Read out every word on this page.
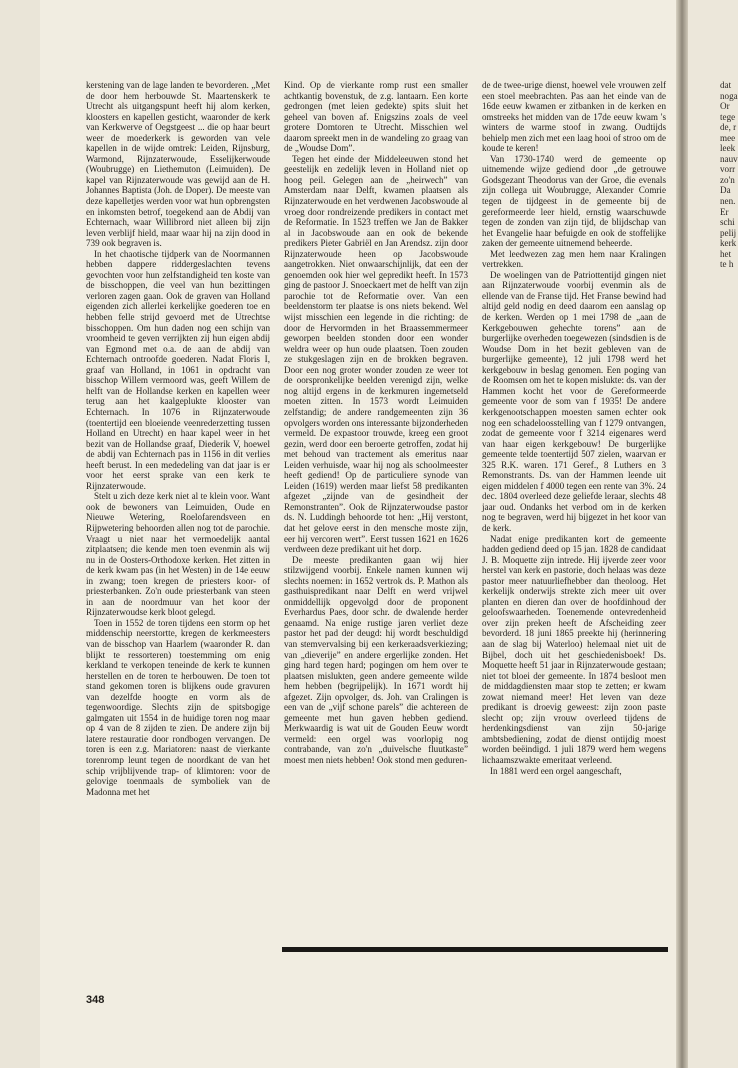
kerstening van de lage landen te bevorderen. „Met de door hem herbouwde St. Maartenskerk te Utrecht als uitgangspunt heeft hij alom kerken, kloosters en kapellen gesticht, waaronder de kerk van Kerkwerve of Oegstgeest ... die op haar beurt weer de moederkerk is geworden van vele kapellen in de wijde omtrek: Leiden, Rijnsburg, Warmond, Rijnzaterwoude, Esselijkerwoude (Woubrugge) en Liethemuton (Leimuiden). De kapel van Rijnzaterwoude was gewijd aan de H. Johannes Baptista (Joh. de Doper). De meeste van deze kapelletjes werden voor wat hun opbrengsten en inkomsten betrof, toegekend aan de Abdij van Echternach, waar Willibrord niet alleen bij zijn leven verblijf hield, maar waar hij na zijn dood in 739 ook begraven is.

In het chaotische tijdperk van de Noormannen hebben dappere riddergeslachten tevens gevochten voor hun zelfstandigheid ten koste van de bisschoppen, die veel van hun bezittingen verloren zagen gaan. Ook de graven van Holland eigenden zich allerlei kerkelijke goederen toe en hebben felle strijd gevoerd met de Utrechtse bisschoppen. Om hun daden nog een schijn van vroomheid te geven verrijkten zij hun eigen abdij van Egmond met o.a. de aan de abdij van Echternach ontroofde goederen. Nadat Floris I, graaf van Holland, in 1061 in opdracht van bisschop Willem vermoord was, geeft Willem de helft van de Hollandse kerken en kapellen weer terug aan het kaalgeplukte klooster van Echternach. In 1076 in Rijnzaterwoude (toentertijd een bloeiende veenrederzetting tussen Holland en Utrecht) en haar kapel weer in het bezit van de Hollandse graaf, Diederik V, hoewel de abdij van Echternach pas in 1156 in dit verlies heeft berust. In een mededeling van dat jaar is er voor het eerst sprake van een kerk te Rijnzaterwoude.

Stelt u zich deze kerk niet al te klein voor. Want ook de bewoners van Leimuiden, Oude en Nieuwe Wetering, Roelofarendsveen en Rijpwetering behoorden allen nog tot de parochie. Vraagt u niet naar het vermoedelijk aantal zitplaatsen; die kende men toen evenmin als wij nu in de Oosters-Orthodoxe kerken. Het zitten in de kerk kwam pas (in het Westen) in de 14e eeuw in zwang; toen kregen de priesters koor- of priesterbanken. Zo'n oude priesterbank van steen in aan de noordmuur van het koor der Rijnzaterwoudse kerk bloot gelegd.

Toen in 1552 de toren tijdens een storm op het middenschip neerstortte, kregen de kerkmeesters van de bisschop van Haarlem (waaronder R. dan blijkt te ressorteren) toestemming om enig kerkland te verkopen teneinde de kerk te kunnen herstellen en de toren te herbouwen. De toen tot stand gekomen toren is blijkens oude gravuren van dezelfde hoogte en vorm als de tegenwoordige. Slechts zijn de spitsbogige galmgaten uit 1554 in de huidige toren nog maar op 4 van de 8 zijden te zien. De andere zijn bij latere restauratie door rondbogen vervangen. De toren is een z.g. Mariatoren: naast de vierkante torenromp leunt tegen de noordkant de van het schip vrijblijvende trap- of klimtoren: voor de gelovige toenmaals de symboliek van de Madonna met het

Kind. Op de vierkante romp rust een smaller achtkantig bovenstuk, de z.g. lantaarn. Een korte gedrongen (met leien gedekte) spits sluit het geheel van boven af. Enigszins zoals de veel grotere Domtoren te Utrecht. Misschien wel daarom spreekt men in de wandeling zo graag van de „Woudse Dom”.

Tegen het einde der Middeleeuwen stond het geestelijk en zedelijk leven in Holland niet op hoog peil. Gelegen aan de „heirwech” van Amsterdam naar Delft, kwamen plaatsen als Rijnzaterwoude en het verdwenen Jacobswoude al vroeg door rondreizende predikers in contact met de Reformatie. In 1523 treffen we Jan de Bakker al in Jacobswoude aan en ook de bekende predikers Pieter Gabriël en Jan Arendsz. zijn door Rijnzaterwoude heen op Jacobswoude aangetrokken. Niet onwaarschijnlijk, dat een der genoemden ook hier wel gepredikt heeft. In 1573 ging de pastoor J. Snoeckaert met de helft van zijn parochie tot de Reformatie over. Van een beeldenstorm ter plaatse is ons niets bekend. Wel wijst misschien een legende in die richting: de door de Hervormden in het Braassemmermeer geworpen beelden stonden door een wonder weldra weer op hun oude plaatsen. Toen zouden ze stukgeslagen zijn en de brokken begraven. Door een nog groter wonder zouden ze weer tot de oorspronkelijke beelden verenigd zijn, welke nog altijd ergens in de kerkmuren ingemetseld moeten zitten. In 1573 wordt Leimuiden zelfstandig; de andere randgemeenten zijn 36 opvolgers worden ons interessante bijzonderheden vermeld. De expastoor trouwde, kreeg een groot gezin, werd door een beroerte getroffen, zodat hij met behoud van tractement als emeritus naar Leiden verhuisde, waar hij nog als schoolmeester heeft gediend! Op de particuliere synode van Leiden (1619) werden maar liefst 58 predikanten afgezet „zijnde van de gesindheit der Remonstranten”. Ook de Rijnzaterwoudse pastor ds. N. Luddingh behoorde tot hen: „Hij verstont, dat het gelove eerst in den mensche moste zijn, eer hij vercoren wert”. Eerst tussen 1621 en 1626 verdween deze predikant uit het dorp.

De meeste predikanten gaan wij hier stilzwijgend voorbij. Enkele namen kunnen wij slechts noemen: in 1652 vertrok ds. P. Mathon als gasthuispredikant naar Delft en werd vrijwel onmiddellijk opgevolgd door de proponent Everhardus Paes, door schr. de dwalende herder genaamd. Na enige rustige jaren verliet deze pastor het pad der deugd: hij wordt beschuldigd van stemvervalsing bij een kerkeraadsverkiezing; van „dieverije” en andere ergerlijke zonden. Het ging hard tegen hard; pogingen om hem over te plaatsen mislukten, geen andere gemeente wilde hem hebben (begrijpelijk). In 1671 wordt hij afgezet. Zijn opvolger, ds. Joh. van Cralingen is een van de „vijf schone parels” die achtereen de gemeente met hun gaven hebben gediend. Merkwaardig is wat uit de Gouden Eeuw wordt vermeld: een orgel was voorlopig nog contrabande, van zo'n „duivelsche fluutkaste” moest men niets hebben! Ook stond men geduren-

de de twee-urige dienst, hoewel vele vrouwen zelf een stoel meebrachten. Pas aan het einde van de 16de eeuw kwamen er zitbanken in de kerken en omstreeks het midden van de 17de eeuw kwam 's winters de warme stoof in zwang. Oudtijds behielp men zich met een laag hooi of stroo om de koude te keren!

Van 1730-1740 werd de gemeente op uitnemende wijze gediend door „de getrouwe Godsgezant Theodorus van der Groe, die evenals zijn collega uit Woubrugge, Alexander Comrie tegen de tijdgeest in de gemeente bij de gereformeerde leer hield, ernstig waarschuwde tegen de zonden van zijn tijd, de blijdschap van het Evangelie haar befuigde en ook de stoffelijke zaken der gemeente uitnemend beheerde.

Met leedwezen zag men hem naar Kralingen vertrekken.

De woelingen van de Patriottentijd gingen niet aan Rijnzaterwoude voorbij evenmin als de ellende van de Franse tijd. Het Franse bewind had altijd geld nodig en deed daarom een aanslag op de kerken. Werden op 1 mei 1798 de „aan de Kerkgebouwen gehechte torens” aan de burgerlijke overheden toegewezen (sindsdien is de Woudse Dom in het bezit gebleven van de burgerlijke gemeente), 12 juli 1798 werd het kerkgebouw in beslag genomen. Een poging van de Roomsen om het te kopen mislukte: ds. van der Hammen kocht het voor de Gereformeerde gemeente voor de som van f 1935! De andere kerkgenootschappen moesten samen echter ook nog een schadeloosstelling van f 1279 ontvangen, zodat de gemeente voor f 3214 eigenares werd van haar eigen kerkgebouw! De burgerlijke gemeente telde toentertijd 507 zielen, waarvan er 325 R.K. waren. 171 Geref., 8 Luthers en 3 Remonstrants. Ds. van der Hammen leende uit eigen middelen f 4000 tegen een rente van 3%. 24 dec. 1804 overleed deze geliefde leraar, slechts 48 jaar oud. Ondanks het verbod om in de kerken nog te begraven, werd hij bijgezet in het koor van de kerk.

Nadat enige predikanten kort de gemeente hadden gediend deed op 15 jan. 1828 de candidaat J. B. Moquette zijn intrede. Hij ijverde zeer voor herstel van kerk en pastorie, doch helaas was deze pastor meer natuurliefhebber dan theoloog. Het kerkelijk onderwijs strekte zich meer uit over planten en dieren dan over de hoofdinhoud der geloofswaarheden. Toenemende ontevredenheid over zijn preken heeft de Afscheiding zeer bevorderd. 18 juni 1865 preekte hij (herinnering aan de slag bij Waterloo) helemaal niet uit de Bijbel, doch uit het geschiedenisboek! Ds. Moquette heeft 51 jaar in Rijnzaterwoude gestaan; niet tot bloei der gemeente. In 1874 besloot men de middagdiensten maar stop te zetten; er kwam zowat niemand meer! Het leven van deze predikant is droevig geweest: zijn zoon paste slecht op; zijn vrouw overleed tijdens de herdenkingsdienst van zijn 50-jarige ambtsbediening, zodat de dienst ontijdig moest worden beëindigd. 1 juli 1879 werd hem wegens lichaamszwakte emeritaat verleend.

In 1881 werd een orgel aangeschaft,

348
dat
noga
Or
tege
de, r
mee
leek
nauv
vorr
zo'n
Da
nen.
Er
schi
pelij
kerk
het
te h
